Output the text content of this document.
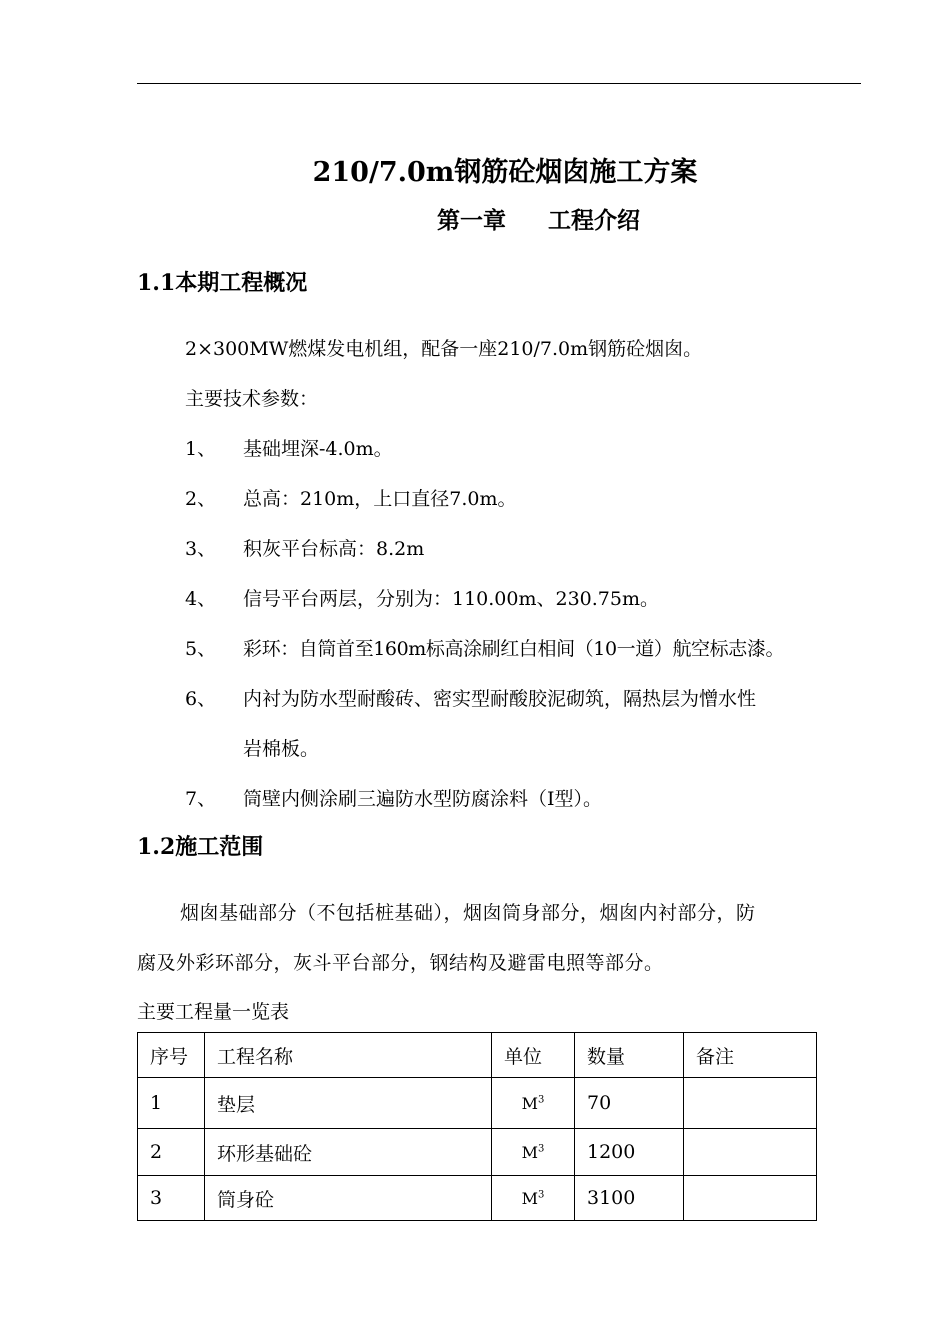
210/7.0m钢筋砼烟囱施工方案
第一章 工程介绍
1.1本期工程概况
2×300MW燃煤发电机组，配备一座210/7.0m钢筋砼烟囱。
主要技术参数：
1、 基础埋深-4.0m。
2、 总高：210m，上口直径7.0m。
3、 积灰平台标高：8.2m
4、 信号平台两层，分别为：110.00m、230.75m。
5、 彩环：自筒首至160m标高涂刷红白相间（10一道）航空标志漆。
6、 内衬为防水型耐酸砖、密实型耐酸胶泥砌筑，隔热层为憎水性
岩棉板。
7、 筒壁内侧涂刷三遍防水型防腐涂料（I型）。
1.2施工范围
烟囱基础部分（不包括桩基础），烟囱筒身部分，烟囱内衬部分，防
腐及外彩环部分，灰斗平台部分，钢结构及避雷电照等部分。
主要工程量一览表
序号	工程名称	单位	数量	备注
1	垫层	$M^3$	70	
2	环形基础砼	$M^3$	1200	
3	筒身砼	$M^3$	3100	
